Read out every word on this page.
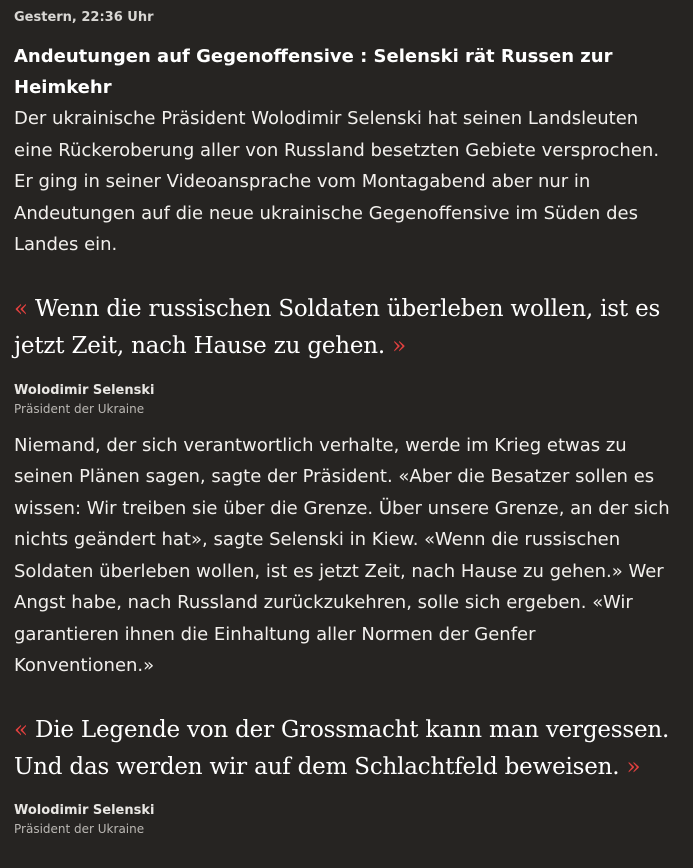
Gestern, 22:36 Uhr
Andeutungen auf Gegenoffensive : Selenski rät Russen zur Heimkehr

Der ukrainische Präsident Wolodimir Selenski hat seinen Landsleuten eine Rückeroberung aller von Russland besetzten Gebiete versprochen. Er ging in seiner Videoansprache vom Montagabend aber nur in Andeutungen auf die neue ukrainische Gegenoffensive im Süden des Landes ein.

« Wenn die russischen Soldaten überleben wollen, ist es jetzt Zeit, nach Hause zu gehen. »

Wolodimir Selenski
Präsident der Ukraine

Niemand, der sich verantwortlich verhalte, werde im Krieg etwas zu seinen Plänen sagen, sagte der Präsident. «Aber die Besatzer sollen es wissen: Wir treiben sie über die Grenze. Über unsere Grenze, an der sich nichts geändert hat», sagte Selenski in Kiew. «Wenn die russischen Soldaten überleben wollen, ist es jetzt Zeit, nach Hause zu gehen.» Wer Angst habe, nach Russland zurückzukehren, solle sich ergeben. «Wir garantieren ihnen die Einhaltung aller Normen der Genfer Konventionen.»

« Die Legende von der Grossmacht kann man vergessen. Und das werden wir auf dem Schlachtfeld beweisen. »

Wolodimir Selenski
Präsident der Ukraine
